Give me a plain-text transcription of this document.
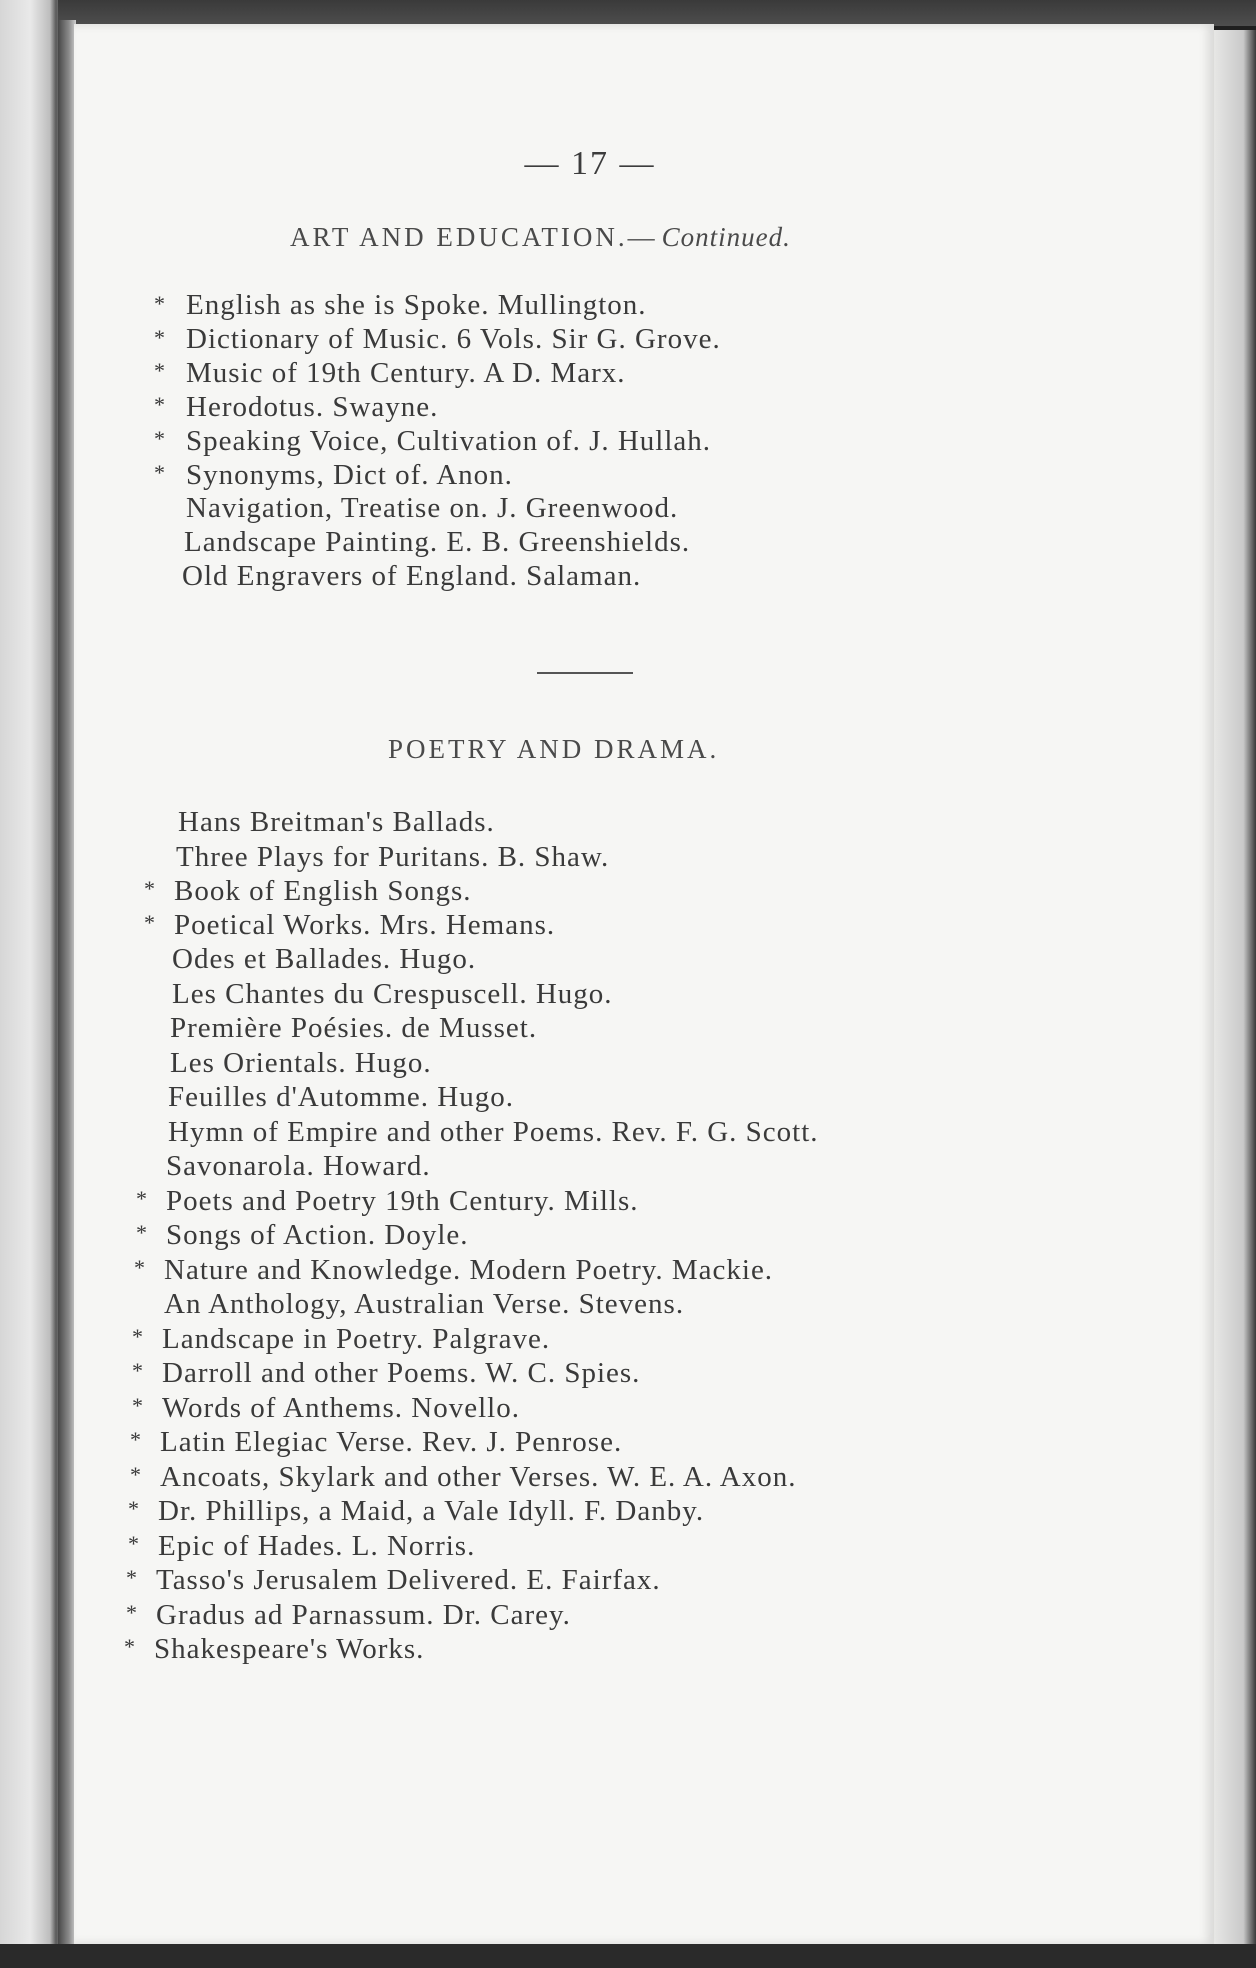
— 17 —
ART AND EDUCATION.— Continued.
* English as she is Spoke. Mullington.
* Dictionary of Music. 6 Vols. Sir G. Grove.
* Music of 19th Century. A D. Marx.
* Herodotus. Swayne.
* Speaking Voice, Cultivation of. J. Hullah.
* Synonyms, Dict of. Anon.
Navigation, Treatise on. J. Greenwood.
Landscape Painting. E. B. Greenshields.
Old Engravers of England. Salaman.
POETRY AND DRAMA.
Hans Breitman's Ballads.
Three Plays for Puritans. B. Shaw.
* Book of English Songs.
* Poetical Works. Mrs. Hemans.
Odes et Ballades. Hugo.
Les Chantes du Crespuscell. Hugo.
Première Poésies. de Musset.
Les Orientals. Hugo.
Feuilles d'Automme. Hugo.
Hymn of Empire and other Poems. Rev. F. G. Scott.
Savonarola. Howard.
* Poets and Poetry 19th Century. Mills.
* Songs of Action. Doyle.
* Nature and Knowledge. Modern Poetry. Mackie.
An Anthology, Australian Verse. Stevens.
* Landscape in Poetry. Palgrave.
* Darroll and other Poems. W. C. Spies.
* Words of Anthems. Novello.
* Latin Elegiac Verse. Rev. J. Penrose.
* Ancoats, Skylark and other Verses. W. E. A. Axon.
* Dr. Phillips, a Maid, a Vale Idyll. F. Danby.
* Epic of Hades. L. Norris.
* Tasso's Jerusalem Delivered. E. Fairfax.
* Gradus ad Parnassum. Dr. Carey.
* Shakespeare's Works.
